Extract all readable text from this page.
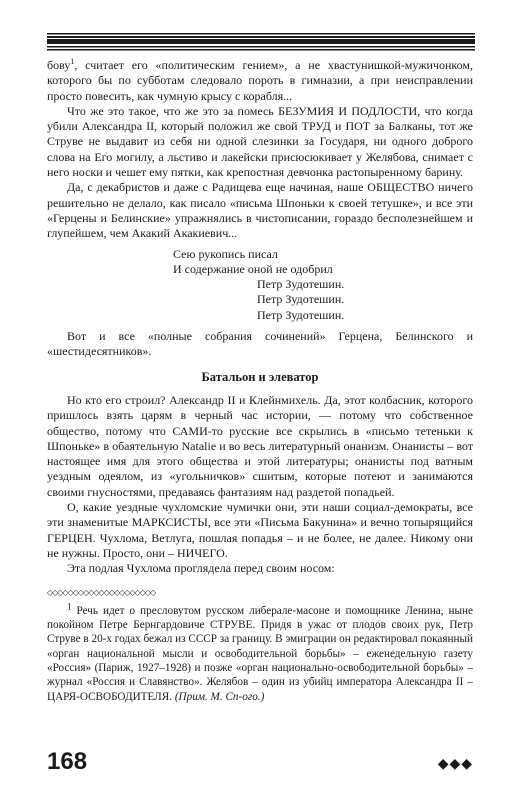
бову$^1$, считает его «политическим гением», а не хвастунишкой-мужичонком, которого бы по субботам следовало пороть в гимназии, а при неисправлении просто повесить, как чумную крысу с корабля...

Что же это такое, что же это за помесь БЕЗУМИЯ И ПОДЛОСТИ, что когда убили Александра II, который положил же свой ТРУД и ПОТ за Балканы, тот же Струве не выдавит из себя ни одной слезинки за Государя, ни одного доброго слова на Его могилу, а льстиво и лакейски присюсюкивает у Желябова, снимает с него носки и чешет ему пятки, как крепостная девчонка растопыренному барину.

Да, с декабристов и даже с Радищева еще начиная, наше ОБЩЕСТВО ничего решительно не делало, как писало «письма Шпоньки к своей тетушке», и все эти «Герцены и Белинские» упражнялись в чистописании, гораздо бесполезнейшем и глупейшем, чем Акакий Акакиевич...

Сею рукопись писал
И содержание оной не одобрил
Петр Зудотешин.
Петр Зудотешин.
Петр Зудотешин.

Вот и все «полные собрания сочинений» Герцена, Белинского и «шестидесятников».

Батальон и элеватор

Но кто его строил? Александр II и Клейнмихель. Да, этот колбасник, которого пришлось взять царям в черный час истории, — потому что собственное общество, потому что САМИ-то русские все скрылись в «письмо тетеньки к Шпоньке» в обаятельную Natalie и во весь литературный онанизм. Онанисты – вот настоящее имя для этого общества и этой литературы; онанисты под ватным уездным одеялом, из «угольничков» сшитым, которые потеют и занимаются своими гнусностями, предаваясь фантазиям над раздетой попадьей.

О, какие уездные чухломские чумички они, эти наши социал-демократы, все эти знаменитые МАРКСИСТЫ, все эти «Письма Бакунина» и вечно топырящийся ГЕРЦЕН. Чухлома, Ветлуга, пошлая попадья – и не более, не далее. Никому они не нужны. Просто, они – НИЧЕГО.

Эта подлая Чухлома проглядела перед своим носом:

◇◇◇◇◇◇◇◇◇◇◇◇◇◇◇◇◇◇◇◇◇

$^1$ Речь идет о пресловутом русском либерале-масоне и помощнике Ленина, ныне покойном Петре Бернгардовиче СТРУВЕ. Придя в ужас от плодов своих рук, Петр Струве в 20-х годах бежал из СССР за границу. В эмиграции он редактировал покаянный «орган национальной мысли и освободительной борьбы» – еженедельную газету «Россия» (Париж, 1927–1928) и позже «орган национально-освободительной борьбы» – журнал «Россия и Славянство». Желябов – один из убийц императора Александра II – ЦАРЯ-ОСВОБОДИТЕЛЯ. (Прим. М. Сп-ого.)

168	◆◆◆
